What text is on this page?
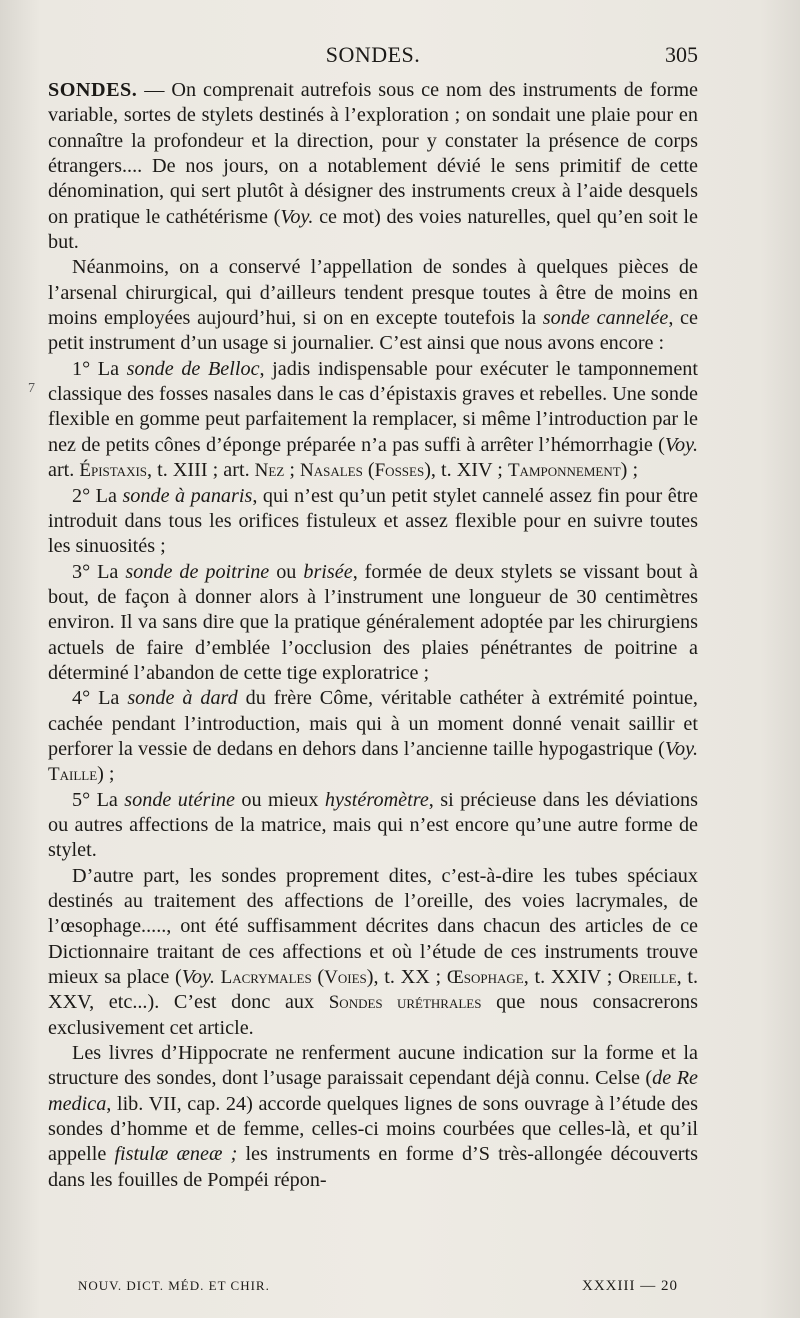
SONDES.	305
7

SONDES. — On comprenait autrefois sous ce nom des instruments de forme variable, sortes de stylets destinés à l’exploration ; on sondait une plaie pour en connaître la profondeur et la direction, pour y constater la présence de corps étrangers.... De nos jours, on a notablement dévié le sens primitif de cette dénomination, qui sert plutôt à désigner des instruments creux à l’aide desquels on pratique le cathétérisme (Voy. ce mot) des voies naturelles, quel qu’en soit le but.

Néanmoins, on a conservé l’appellation de sondes à quelques pièces de l’arsenal chirurgical, qui d’ailleurs tendent presque toutes à être de moins en moins employées aujourd’hui, si on en excepte toutefois la sonde cannelée, ce petit instrument d’un usage si journalier. C’est ainsi que nous avons encore :

1° La sonde de Belloc, jadis indispensable pour exécuter le tamponnement classique des fosses nasales dans le cas d’épistaxis graves et rebelles. Une sonde flexible en gomme peut parfaitement la remplacer, si même l’introduction par le nez de petits cônes d’éponge préparée n’a pas suffi à arrêter l’hémorrhagie (Voy. art. Épistaxis, t. XIII ; art. Nez ; Nasales (Fosses), t. XIV ; Tamponnement) ;

2° La sonde à panaris, qui n’est qu’un petit stylet cannelé assez fin pour être introduit dans tous les orifices fistuleux et assez flexible pour en suivre toutes les sinuosités ;

3° La sonde de poitrine ou brisée, formée de deux stylets se vissant bout à bout, de façon à donner alors à l’instrument une longueur de 30 centimètres environ. Il va sans dire que la pratique généralement adoptée par les chirurgiens actuels de faire d’emblée l’occlusion des plaies pénétrantes de poitrine a déterminé l’abandon de cette tige exploratrice ;

4° La sonde à dard du frère Côme, véritable cathéter à extrémité pointue, cachée pendant l’introduction, mais qui à un moment donné venait saillir et perforer la vessie de dedans en dehors dans l’ancienne taille hypogastrique (Voy. Taille) ;

5° La sonde utérine ou mieux hystéromètre, si précieuse dans les déviations ou autres affections de la matrice, mais qui n’est encore qu’une autre forme de stylet.

D’autre part, les sondes proprement dites, c’est-à-dire les tubes spéciaux destinés au traitement des affections de l’oreille, des voies lacrymales, de l’œsophage....., ont été suffisamment décrites dans chacun des articles de ce Dictionnaire traitant de ces affections et où l’étude de ces instruments trouve mieux sa place (Voy. Lacrymales (Voies), t. XX ; Œsophage, t. XXIV ; Oreille, t. XXV, etc...). C’est donc aux Sondes uréthrales que nous consacrerons exclusivement cet article.

Les livres d’Hippocrate ne renferment aucune indication sur la forme et la structure des sondes, dont l’usage paraissait cependant déjà connu. Celse (de Re medica, lib. VII, cap. 24) accorde quelques lignes de sons ouvrage à l’étude des sondes d’homme et de femme, celles-ci moins courbées que celles-là, et qu’il appelle fistulæ æneæ ; les instruments en forme d’S très-allongée découverts dans les fouilles de Pompéi répon-

NOUV. DICT. MÉD. ET CHIR.	XXXIII — 20
